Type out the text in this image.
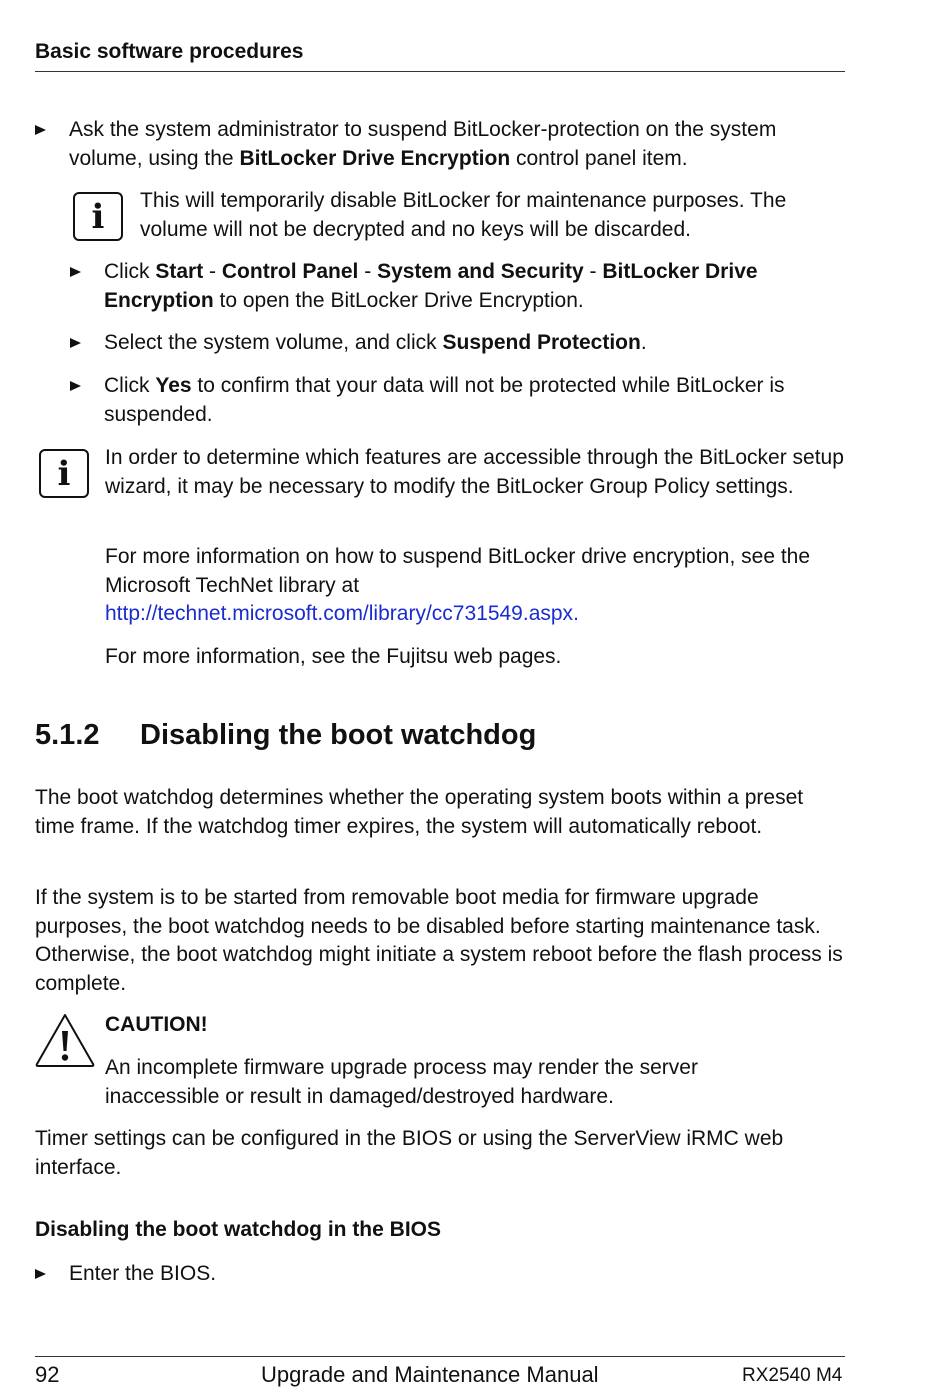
Basic software procedures

Ask the system administrator to suspend BitLocker-protection on the system volume, using the BitLocker Drive Encryption control panel item.

i This will temporarily disable BitLocker for maintenance purposes. The volume will not be decrypted and no keys will be discarded.

Click Start - Control Panel - System and Security - BitLocker Drive Encryption to open the BitLocker Drive Encryption.

Select the system volume, and click Suspend Protection.

Click Yes to confirm that your data will not be protected while BitLocker is suspended.

i In order to determine which features are accessible through the BitLocker setup wizard, it may be necessary to modify the BitLocker Group Policy settings.

For more information on how to suspend BitLocker drive encryption, see the Microsoft TechNet library at
http://technet.microsoft.com/library/cc731549.aspx.

For more information, see the Fujitsu web pages.

5.1.2 Disabling the boot watchdog

The boot watchdog determines whether the operating system boots within a preset time frame. If the watchdog timer expires, the system will automatically reboot.

If the system is to be started from removable boot media for firmware upgrade purposes, the boot watchdog needs to be disabled before starting maintenance task. Otherwise, the boot watchdog might initiate a system reboot before the flash process is complete.

CAUTION!

An incomplete firmware upgrade process may render the server inaccessible or result in damaged/destroyed hardware.

Timer settings can be configured in the BIOS or using the ServerView iRMC web interface.

Disabling the boot watchdog in the BIOS

Enter the BIOS.

92	Upgrade and Maintenance Manual	RX2540 M4
